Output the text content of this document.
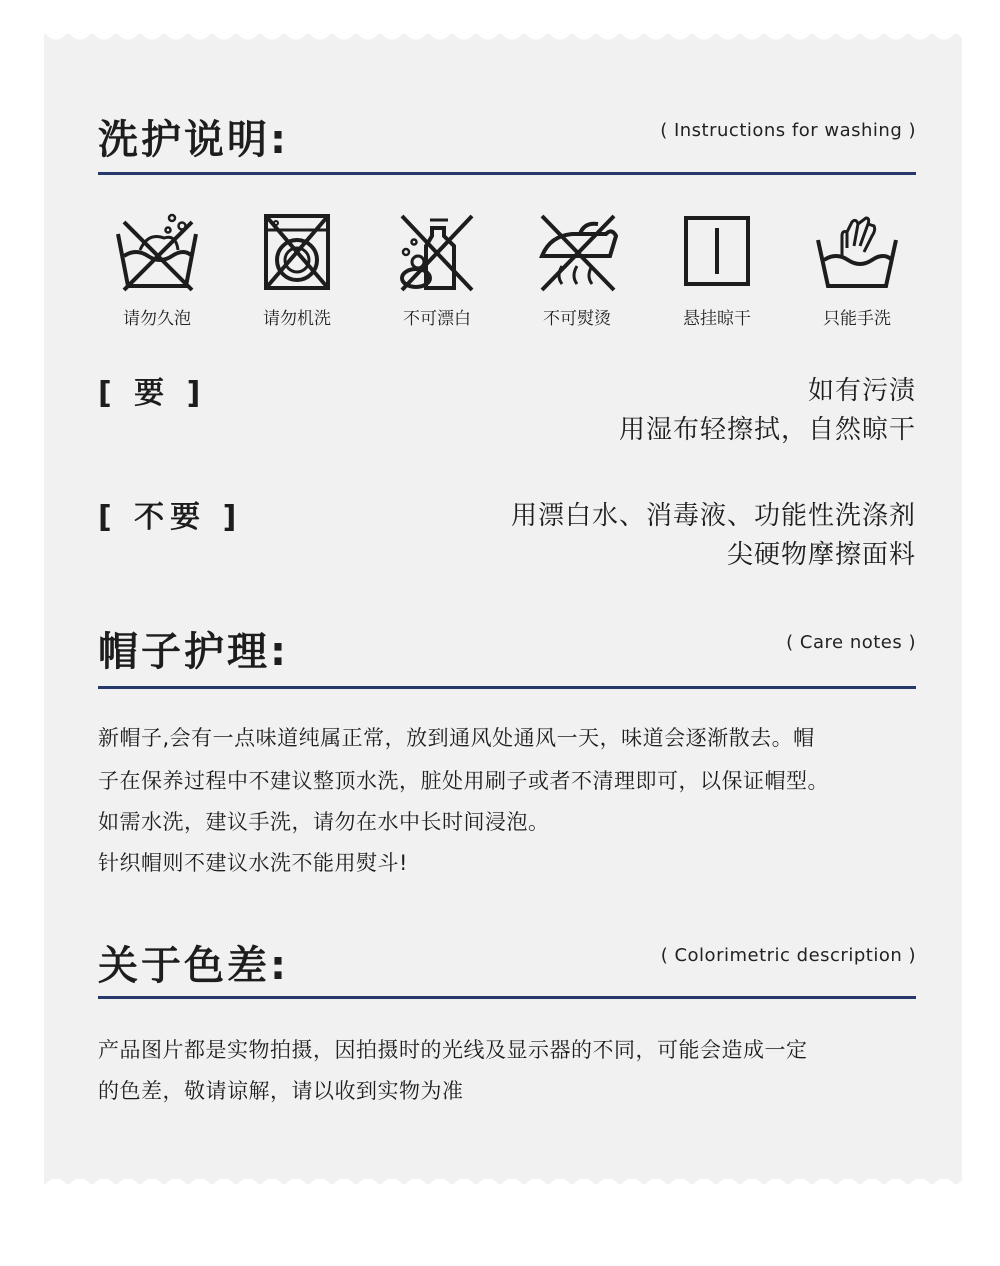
洗护说明:	( Instructions for washing )
请勿久泡	请勿机洗	不可漂白	不可熨烫	悬挂晾干	只能手洗
[ 要 ]	如有污渍
用湿布轻擦拭，自然晾干
[ 不要 ]	用漂白水、消毒液、功能性洗涤剂
尖硬物摩擦面料
帽子护理:	( Care notes )
新帽子,会有一点味道纯属正常，放到通风处通风一天，味道会逐渐散去。帽
子在保养过程中不建议整顶水洗，脏处用刷子或者不清理即可，以保证帽型。
如需水洗，建议手洗，请勿在水中长时间浸泡。
针织帽则不建议水洗不能用熨斗!
关于色差:	( Colorimetric description )
产品图片都是实物拍摄，因拍摄时的光线及显示器的不同，可能会造成一定
的色差，敬请谅解，请以收到实物为准
